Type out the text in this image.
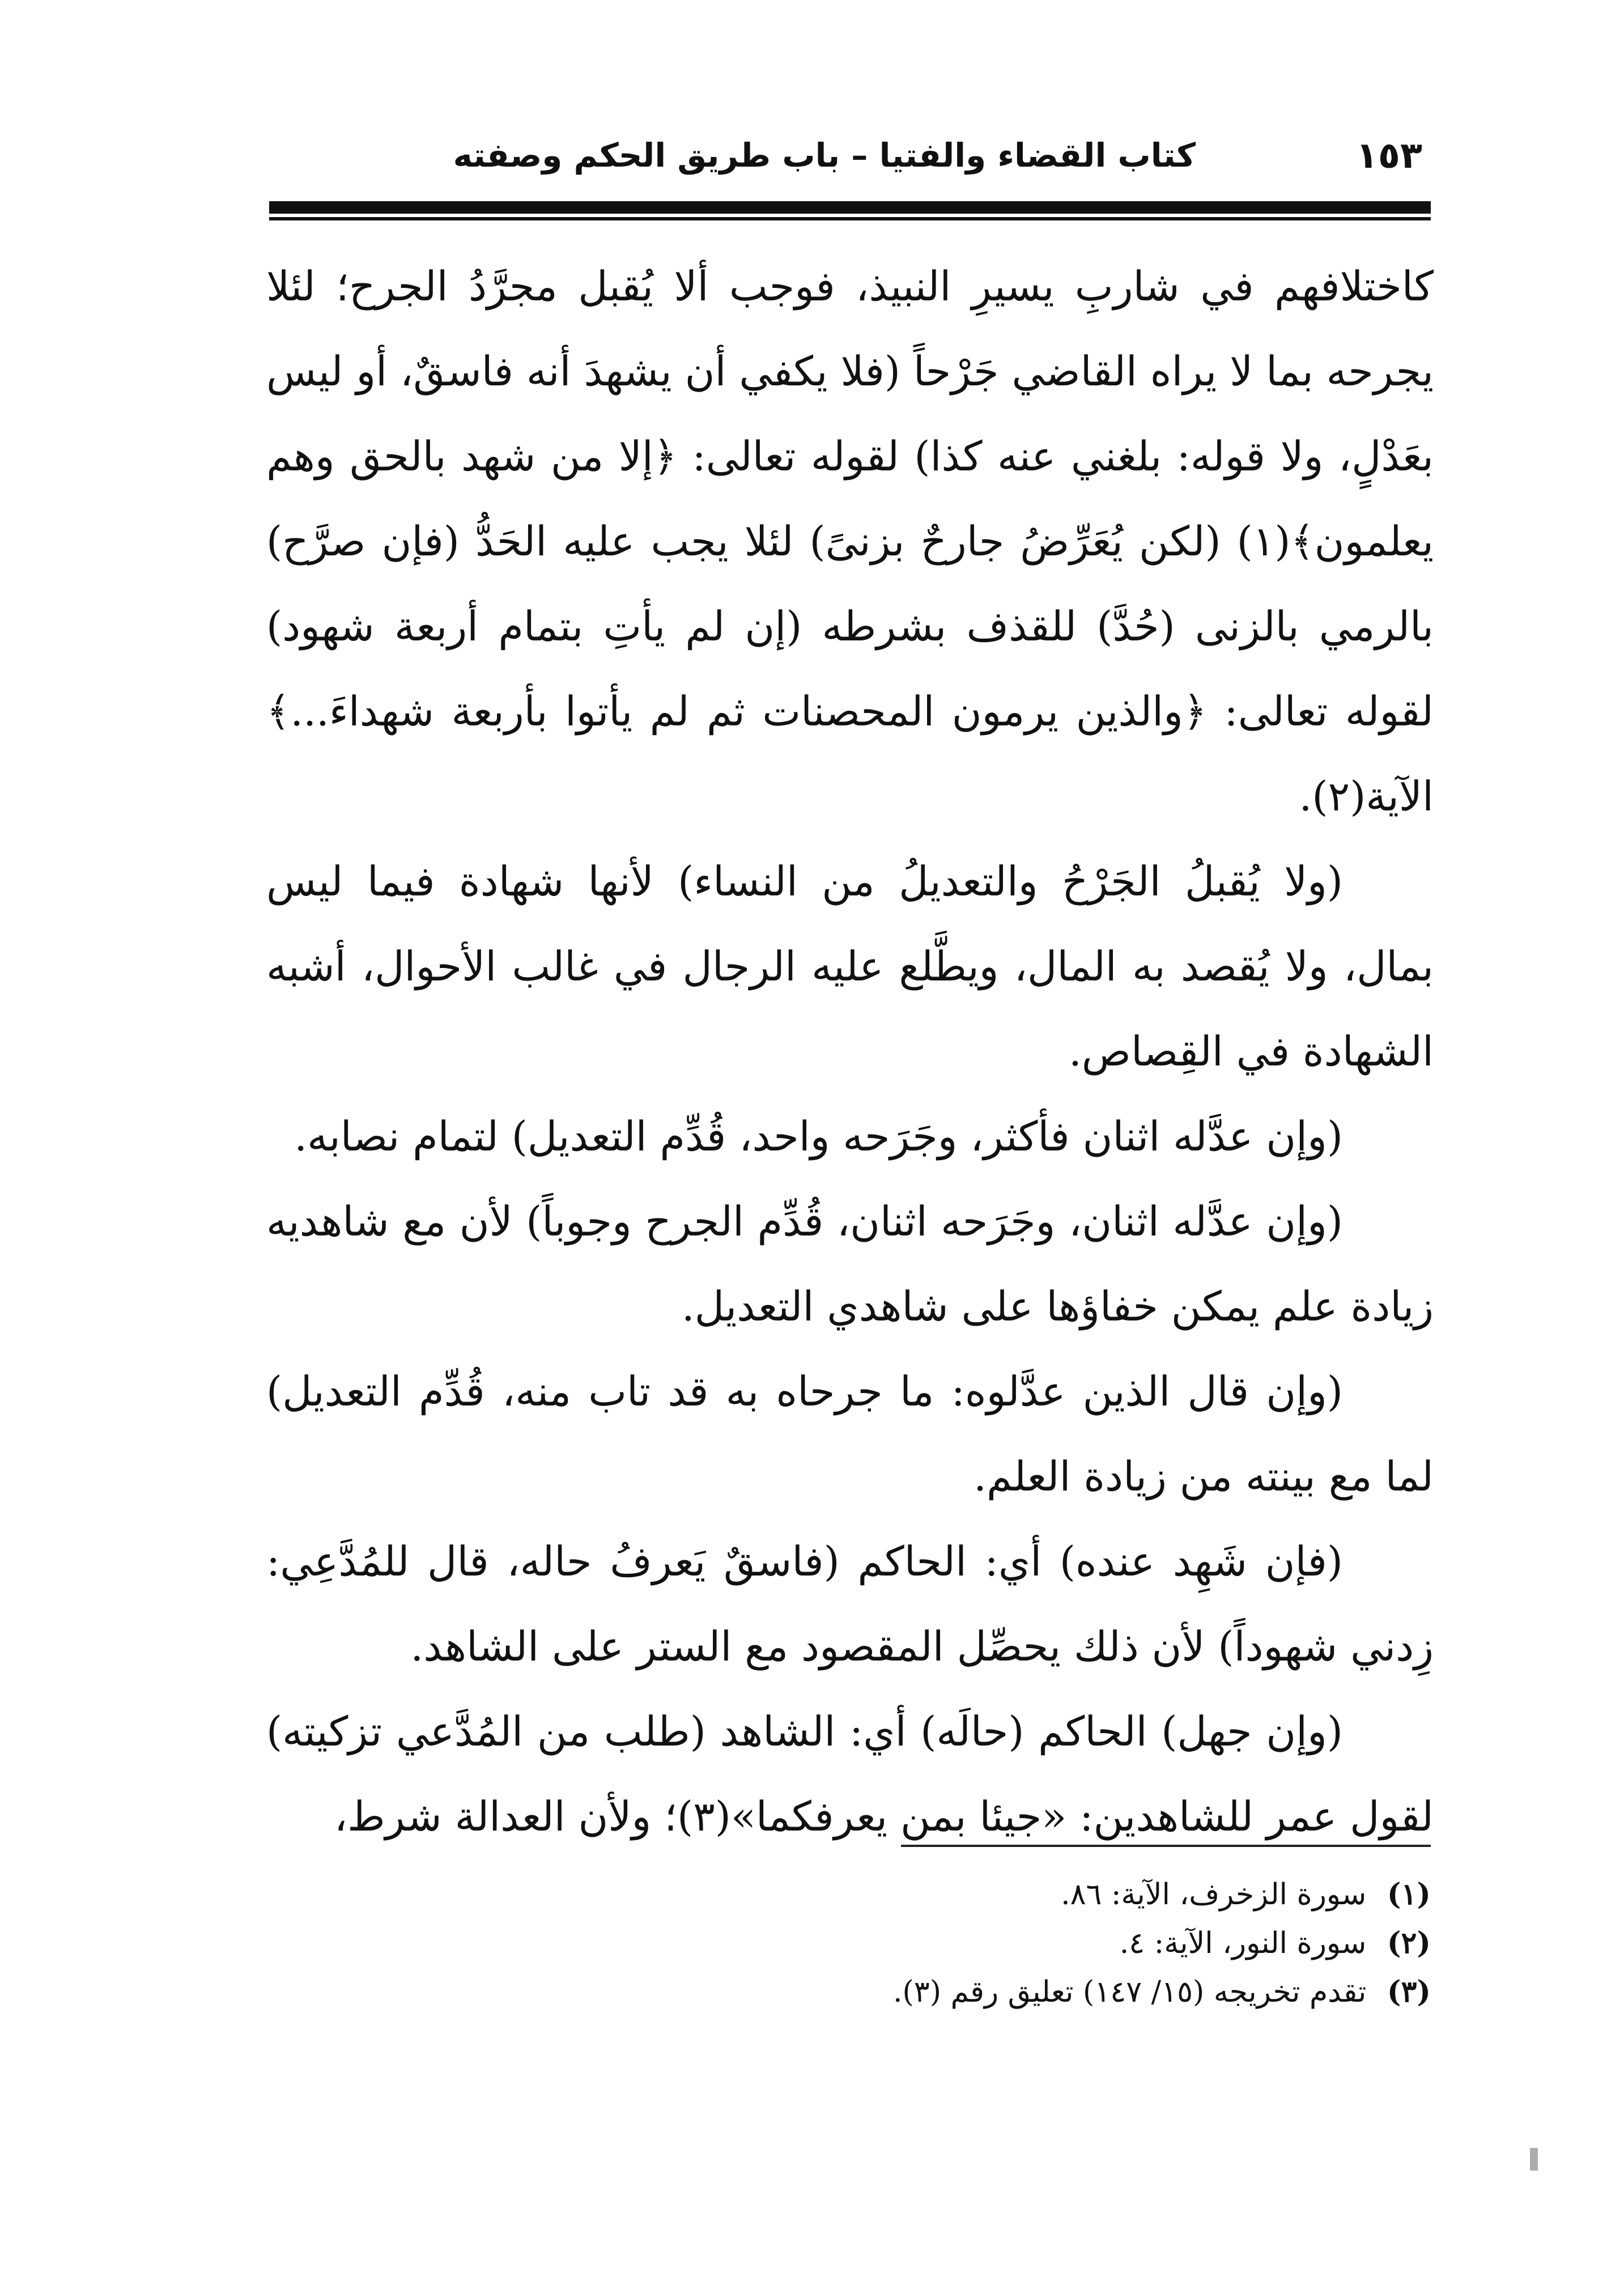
١٥٣
كتاب القضاء والفتيا – باب طريق الحكم وصفته

كاختلافهم في شاربِ يسيرِ النبيذ، فوجب ألا يُقبل مجرَّدُ الجرح؛ لئلا يجرحه بما لا يراه القاضي جَرْحاً (فلا يكفي أن يشهدَ أنه فاسقٌ، أو ليس بعَدْلٍ، ولا قوله: بلغني عنه كذا) لقوله تعالى: ﴿إلا من شهد بالحق وهم يعلمون﴾(١) (لكن يُعَرِّضُ جارحٌ بزنىً) لئلا يجب عليه الحَدُّ (فإن صرَّح) بالرمي بالزنى (حُدَّ) للقذف بشرطه (إن لم يأتِ بتمام أربعة شهود) لقوله تعالى: ﴿والذين يرمون المحصنات ثم لم يأتوا بأربعة شهداءَ...﴾ الآية(٢).

(ولا يُقبلُ الجَرْحُ والتعديلُ من النساء) لأنها شهادة فيما ليس بمال، ولا يُقصد به المال، ويطَّلع عليه الرجال في غالب الأحوال، أشبه الشهادة في القِصاص.

(وإن عدَّله اثنان فأكثر، وجَرَحه واحد، قُدِّم التعديل) لتمام نصابه.

(وإن عدَّله اثنان، وجَرَحه اثنان، قُدِّم الجرح وجوباً) لأن مع شاهديه زيادة علم يمكن خفاؤها على شاهدي التعديل.

(وإن قال الذين عدَّلوه: ما جرحاه به قد تاب منه، قُدِّم التعديل) لما مع بينته من زيادة العلم.

(فإن شَهِد عنده) أي: الحاكم (فاسقٌ يَعرفُ حاله، قال للمُدَّعِي: زِدني شهوداً) لأن ذلك يحصِّل المقصود مع الستر على الشاهد.

(وإن جهل) الحاكم (حالَه) أي: الشاهد (طلب من المُدَّعي تزكيته) لقول عمر للشاهدين: «جيئا بمن يعرفكما»(٣)؛ ولأن العدالة شرط،

(١) سورة الزخرف، الآية: ٨٦.

(٢) سورة النور، الآية: ٤.

(٣) تقدم تخريجه (١٥/ ١٤٧) تعليق رقم (٣).
